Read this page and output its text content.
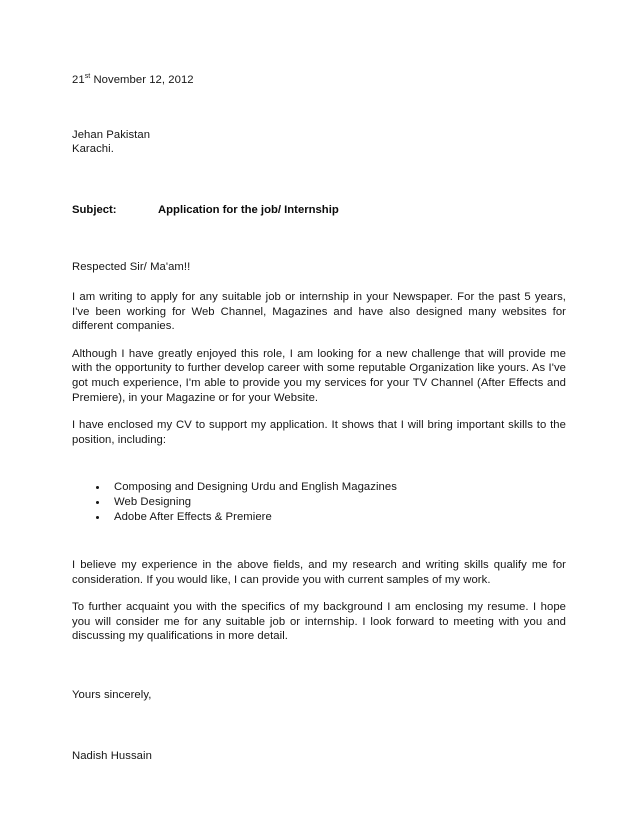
21st November 12, 2012
Jehan Pakistan
Karachi.
Subject:	Application for the job/ Internship
Respected Sir/ Ma'am!!

I am writing to apply for any suitable job or internship in your Newspaper. For the past 5 years, I've been working for Web Channel, Magazines and have also designed many websites for different companies.

Although I have greatly enjoyed this role, I am looking for a new challenge that will provide me with the opportunity to further develop career with some reputable Organization like yours. As I've got much experience, I'm able to provide you my services for your TV Channel (After Effects and Premiere), in your Magazine or for your Website.

I have enclosed my CV to support my application. It shows that I will bring important skills to the position, including:

Composing and Designing Urdu and English Magazines
Web Designing
Adobe After Effects & Premiere

I believe my experience in the above fields, and my research and writing skills qualify me for consideration. If you would like, I can provide you with current samples of my work.

To further acquaint you with the specifics of my background I am enclosing my resume. I hope you will consider me for any suitable job or internship. I look forward to meeting with you and discussing my qualifications in more detail.

Yours sincerely,
Nadish Hussain
